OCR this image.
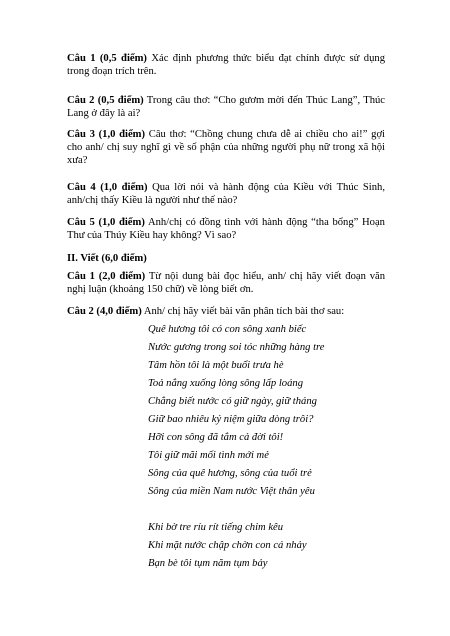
Câu 1 (0,5 điểm) Xác định phương thức biểu đạt chính được sử dụng trong đoạn trích trên.
Câu 2 (0,5 điểm) Trong câu thơ: “Cho gươm mời đến Thúc Lang”, Thúc Lang ở đây là ai?
Câu 3 (1,0 điểm) Câu thơ: “Chồng chung chưa dễ ai chiều cho ai!” gợi cho anh/ chị suy nghĩ gì về số phận của những người phụ nữ trong xã hội xưa?
Câu 4 (1,0 điểm) Qua lời nói và hành động của Kiều với Thúc Sinh, anh/chị thấy Kiều là người như thế nào?
Câu 5 (1,0 điểm) Anh/chị có đồng tình với hành động “tha bổng” Hoạn Thư của Thúy Kiều hay không? Vì sao?
II. Viết (6,0 điểm)
Câu 1 (2,0 điểm) Từ nội dung bài đọc hiểu, anh/ chị hãy viết đoạn văn nghị luận (khoảng 150 chữ) về lòng biết ơn.
Câu 2 (4,0 điểm) Anh/ chị hãy viết bài văn phân tích bài thơ sau:
Quê hương tôi có con sông xanh biếc
Nước gương trong soi tóc những hàng tre
Tâm hồn tôi là một buổi trưa hè
Toả nắng xuống lòng sông lấp loáng
Chẳng biết nước có giữ ngày, giữ tháng
Giữ bao nhiêu kỷ niệm giữa dòng trôi?
Hỡi con sông đã tắm cả đời tôi!
Tôi giữ mãi mối tình mới mẻ
Sông của quê hương, sông của tuổi trẻ
Sông của miền Nam nước Việt thân yêu
Khi bờ tre ríu rít tiếng chim kêu
Khi mặt nước chập chờn con cá nhảy
Bạn bè tôi tụm năm tụm bảy
